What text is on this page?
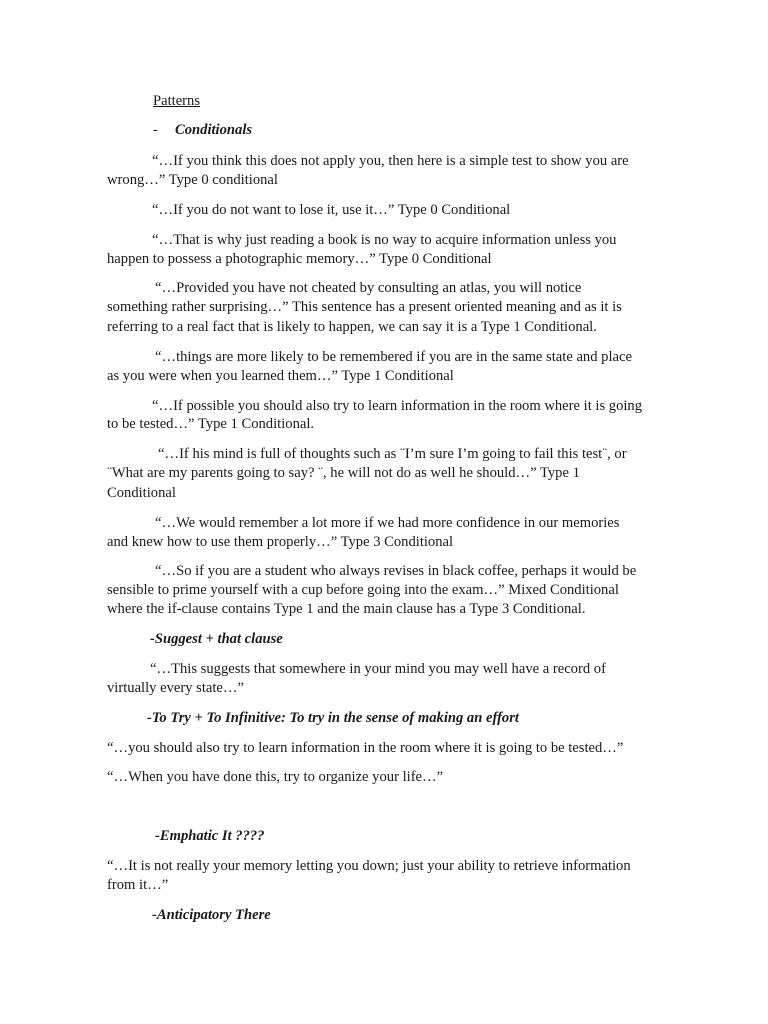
Patterns

-	Conditionals

“…If you think this does not apply you, then here is a simple test to show you are

wrong…” Type 0 conditional

“…If you do not want to lose it, use it…” Type 0 Conditional

“…That is why just reading a book is no way to acquire information unless you

happen to possess a photographic memory…” Type 0 Conditional

“…Provided you have not cheated by consulting an atlas, you will notice

something rather surprising…” This sentence has a present oriented meaning and as it is

referring to a real fact that is likely to happen, we can say it is a Type 1 Conditional.

“…things are more likely to be remembered if you are in the same state and place

as you were when you learned them…” Type 1 Conditional

“…If possible you should also try to learn information in the room where it is going

to be tested…” Type 1 Conditional.

“…If his mind is full of thoughts such as ¨I’m sure I’m going to fail this test¨, or

¨What are my parents going to say? ¨, he will not do as well he should…” Type 1

Conditional

“…We would remember a lot more if we had more confidence in our memories

and knew how to use them properly…” Type 3 Conditional

“…So if you are a student who always revises in black coffee, perhaps it would be

sensible to prime yourself with a cup before going into the exam…” Mixed Conditional

where the if-clause contains Type 1 and the main clause has a Type 3 Conditional.

-Suggest + that clause

“…This suggests that somewhere in your mind you may well have a record of

virtually every state…”

-To Try + To Infinitive: To try in the sense of making an effort

“…you should also try to learn information in the room where it is going to be tested…”

“…When you have done this, try to organize your life…”

-Emphatic It ????

“…It is not really your memory letting you down; just your ability to retrieve information

from it…”

-Anticipatory There
